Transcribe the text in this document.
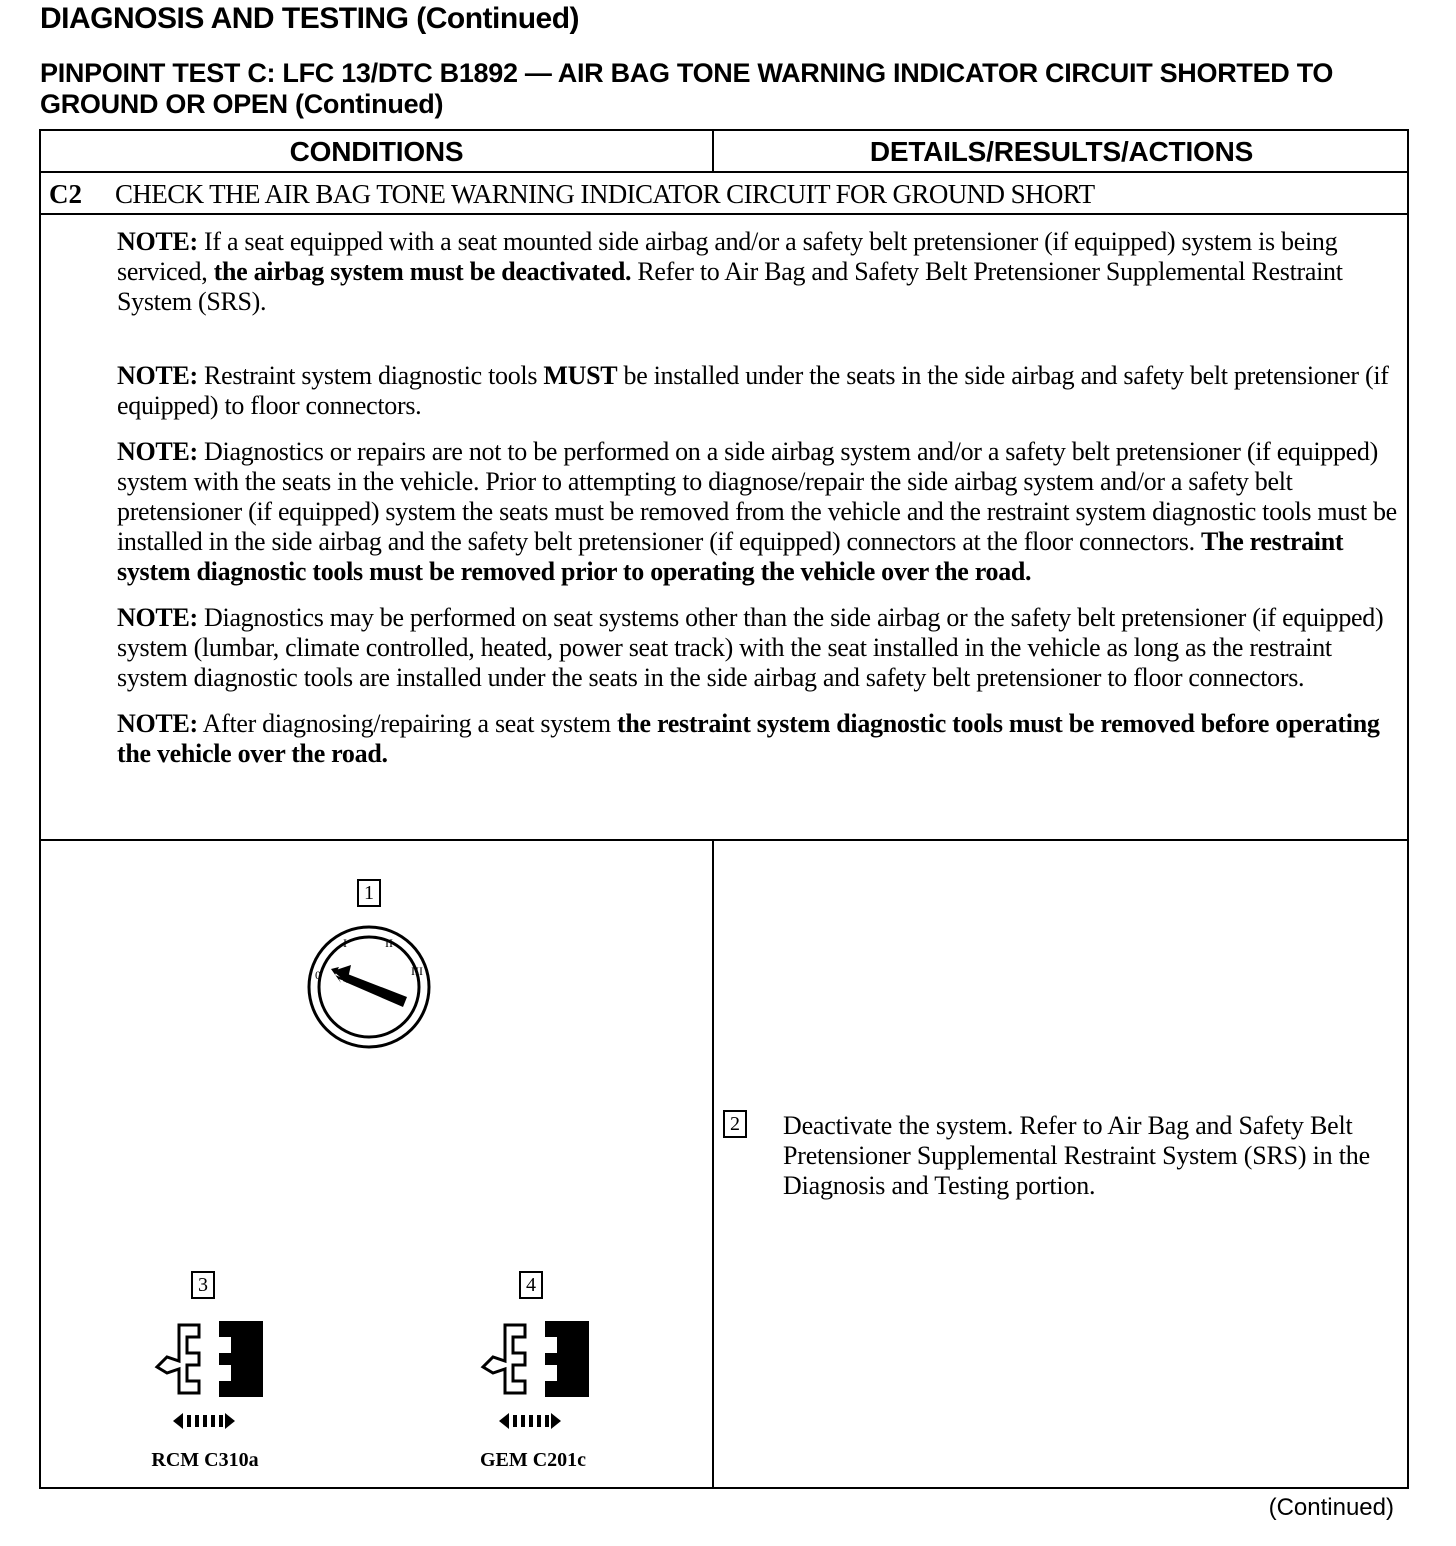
DIAGNOSIS AND TESTING (Continued)
PINPOINT TEST C: LFC 13/DTC B1892 — AIR BAG TONE WARNING INDICATOR CIRCUIT SHORTED TO GROUND OR OPEN (Continued)
CONDITIONS	DETAILS/RESULTS/ACTIONS
C2 CHECK THE AIR BAG TONE WARNING INDICATOR CIRCUIT FOR GROUND SHORT
NOTE: If a seat equipped with a seat mounted side airbag and/or a safety belt pretensioner (if equipped) system is being serviced, the airbag system must be deactivated. Refer to Air Bag and Safety Belt Pretensioner Supplemental Restraint System (SRS).
NOTE: Restraint system diagnostic tools MUST be installed under the seats in the side airbag and safety belt pretensioner (if equipped) to floor connectors.
NOTE: Diagnostics or repairs are not to be performed on a side airbag system and/or a safety belt pretensioner (if equipped) system with the seats in the vehicle. Prior to attempting to diagnose/repair the side airbag system and/or a safety belt pretensioner (if equipped) system the seats must be removed from the vehicle and the restraint system diagnostic tools must be installed in the side airbag and the safety belt pretensioner (if equipped) connectors at the floor connectors. The restraint system diagnostic tools must be removed prior to operating the vehicle over the road.
NOTE: Diagnostics may be performed on seat systems other than the side airbag or the safety belt pretensioner (if equipped) system (lumbar, climate controlled, heated, power seat track) with the seat installed in the vehicle as long as the restraint system diagnostic tools are installed under the seats in the side airbag and safety belt pretensioner to floor connectors.
NOTE: After diagnosing/repairing a seat system the restraint system diagnostic tools must be removed before operating the vehicle over the road.
1
0
I	II
III
3
RCM C310a
4
GEM C201c
2 Deactivate the system. Refer to Air Bag and Safety Belt Pretensioner Supplemental Restraint System (SRS) in the Diagnosis and Testing portion.
(Continued)
